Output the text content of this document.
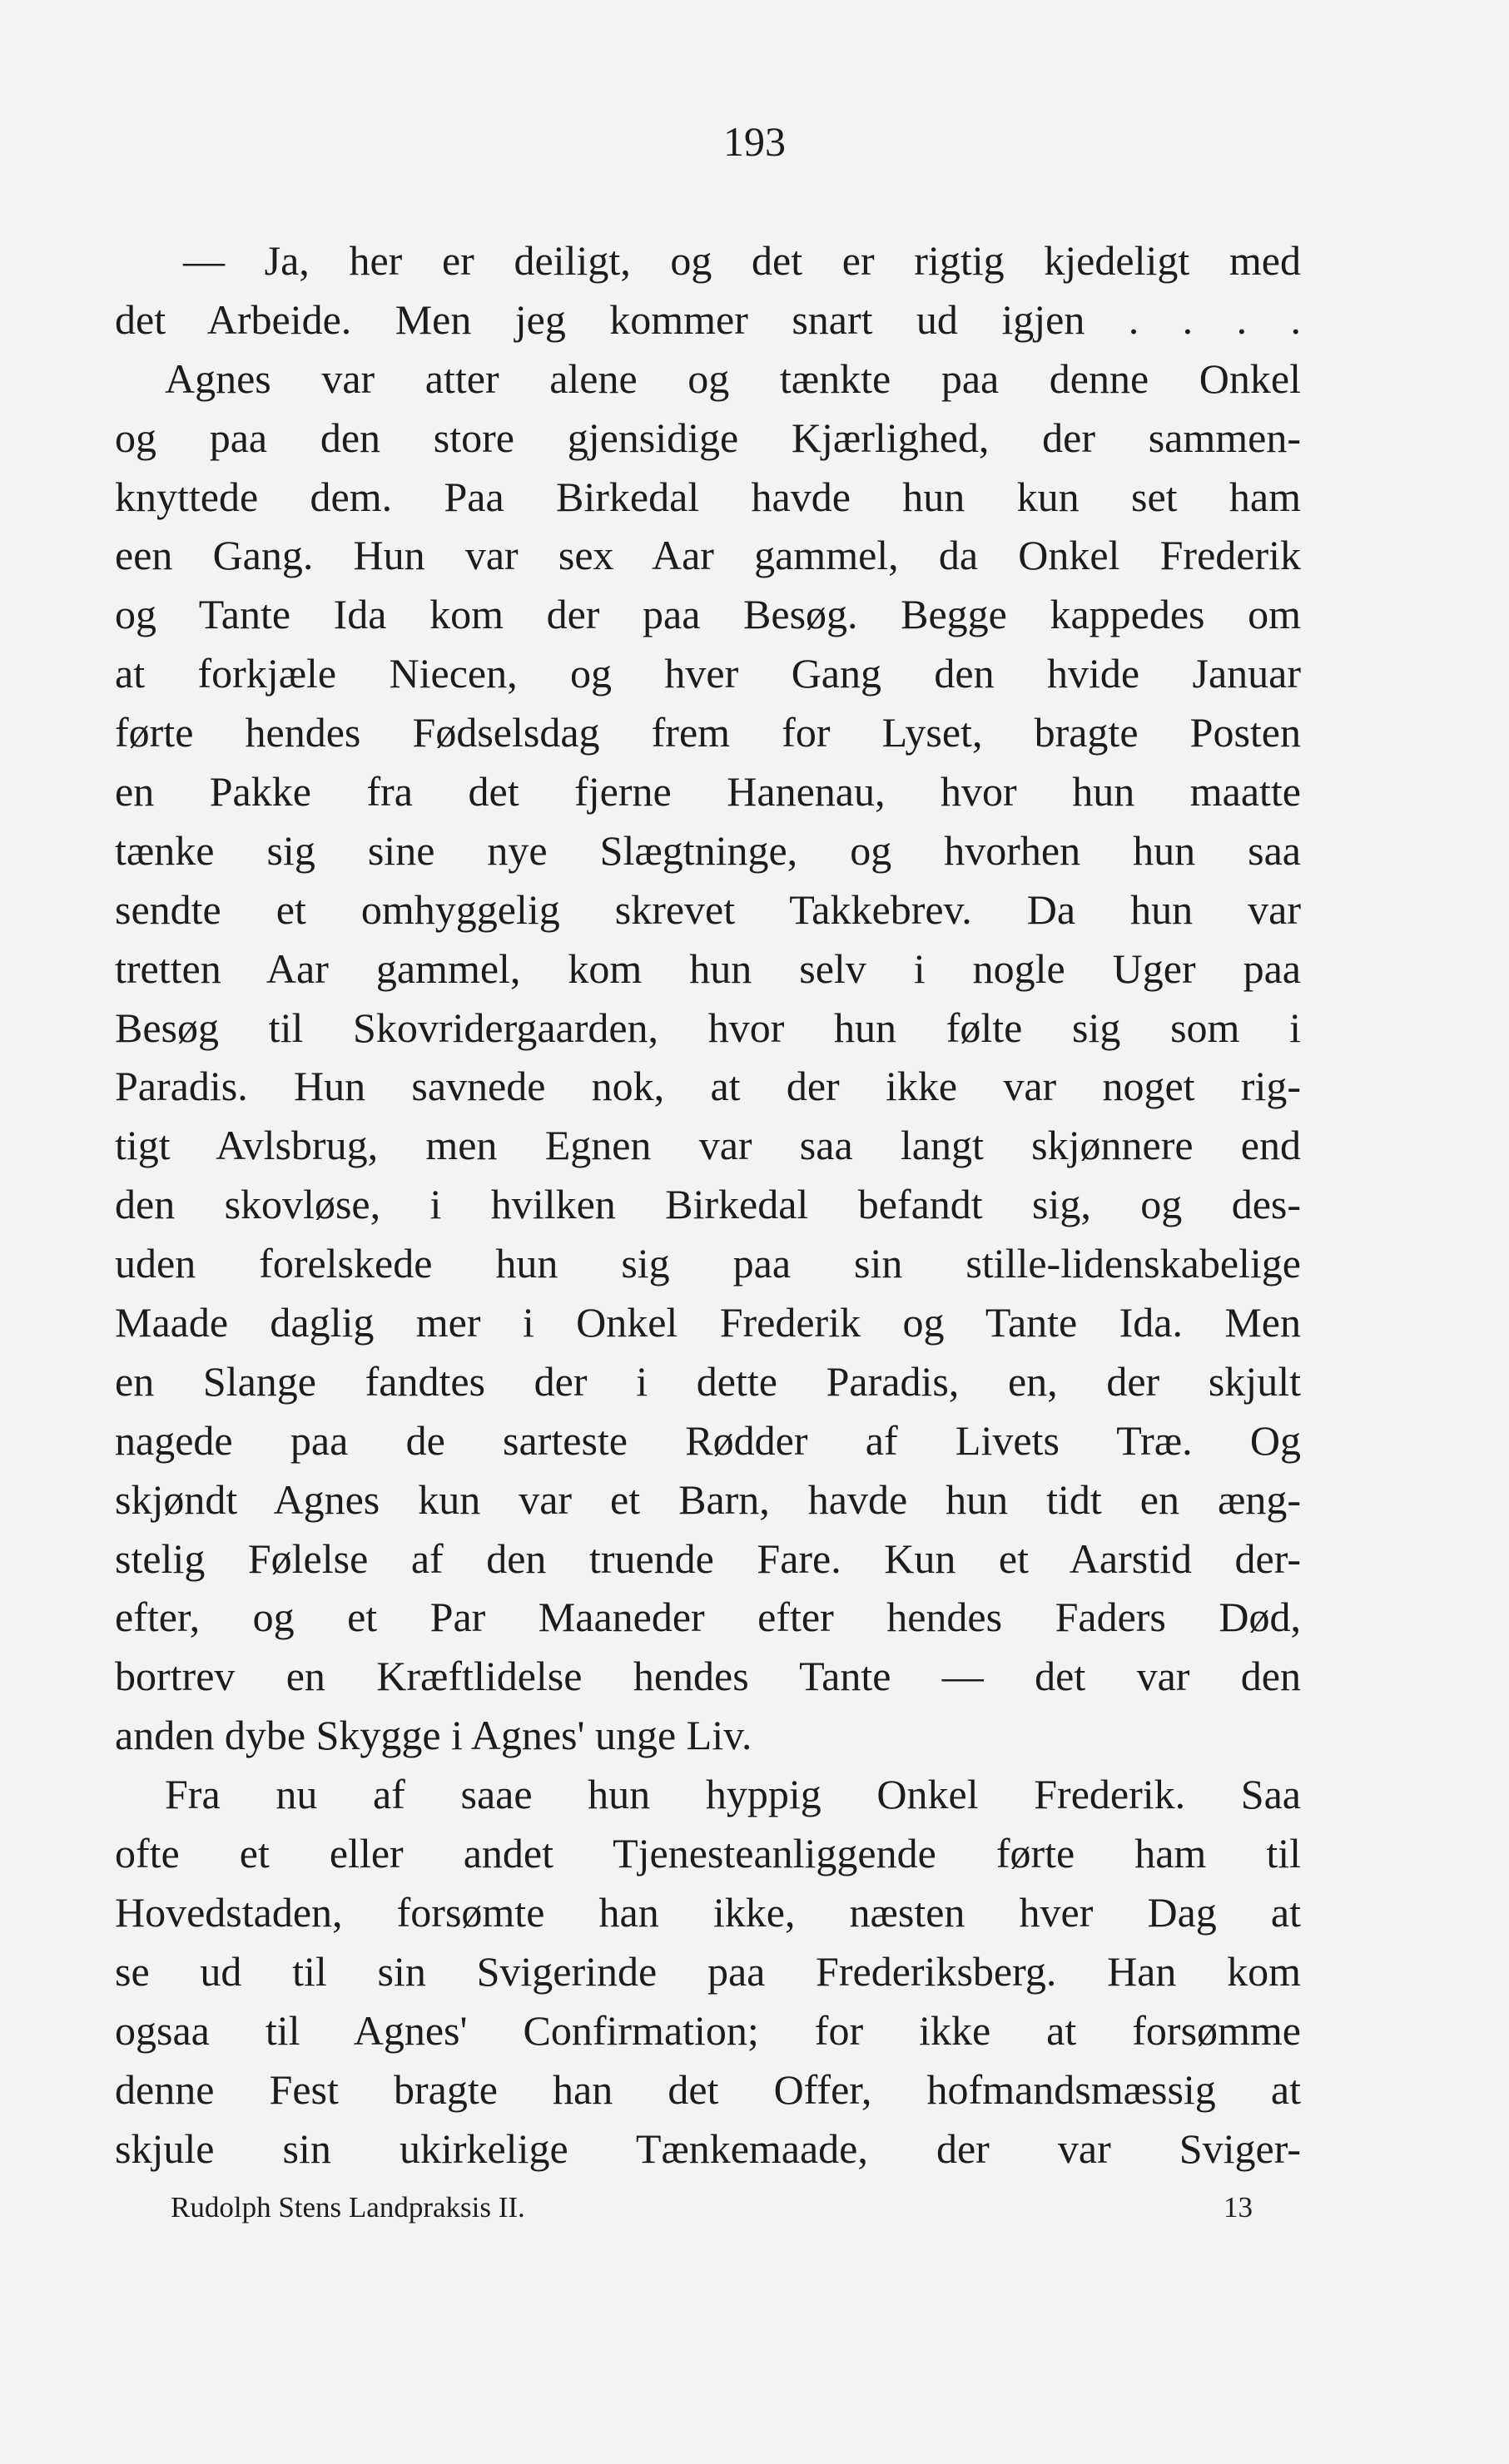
193
— Ja, her er deiligt, og det er rigtig kjedeligt med
det Arbeide. Men jeg kommer snart ud igjen . . . .
Agnes var atter alene og tænkte paa denne Onkel
og paa den store gjensidige Kjærlighed, der sammen-
knyttede dem. Paa Birkedal havde hun kun set ham
een Gang. Hun var sex Aar gammel, da Onkel Frederik
og Tante Ida kom der paa Besøg. Begge kappedes om
at forkjæle Niecen, og hver Gang den hvide Januar
førte hendes Fødselsdag frem for Lyset, bragte Posten
en Pakke fra det fjerne Hanenau, hvor hun maatte
tænke sig sine nye Slægtninge, og hvorhen hun saa
sendte et omhyggelig skrevet Takkebrev. Da hun var
tretten Aar gammel, kom hun selv i nogle Uger paa
Besøg til Skovridergaarden, hvor hun følte sig som i
Paradis. Hun savnede nok, at der ikke var noget rig-
tigt Avlsbrug, men Egnen var saa langt skjønnere end
den skovløse, i hvilken Birkedal befandt sig, og des-
uden forelskede hun sig paa sin stille-lidenskabelige
Maade daglig mer i Onkel Frederik og Tante Ida. Men
en Slange fandtes der i dette Paradis, en, der skjult
nagede paa de sarteste Rødder af Livets Træ. Og
skjøndt Agnes kun var et Barn, havde hun tidt en æng-
stelig Følelse af den truende Fare. Kun et Aarstid der-
efter, og et Par Maaneder efter hendes Faders Død,
bortrev en Kræftlidelse hendes Tante — det var den
anden dybe Skygge i Agnes' unge Liv.
Fra nu af saae hun hyppig Onkel Frederik. Saa
ofte et eller andet Tjenesteanliggende førte ham til
Hovedstaden, forsømte han ikke, næsten hver Dag at
se ud til sin Svigerinde paa Frederiksberg. Han kom
ogsaa til Agnes' Confirmation; for ikke at forsømme
denne Fest bragte han det Offer, hofmandsmæssig at
skjule sin ukirkelige Tænkemaade, der var Sviger-
Rudolph Stens Landpraksis II.	13
